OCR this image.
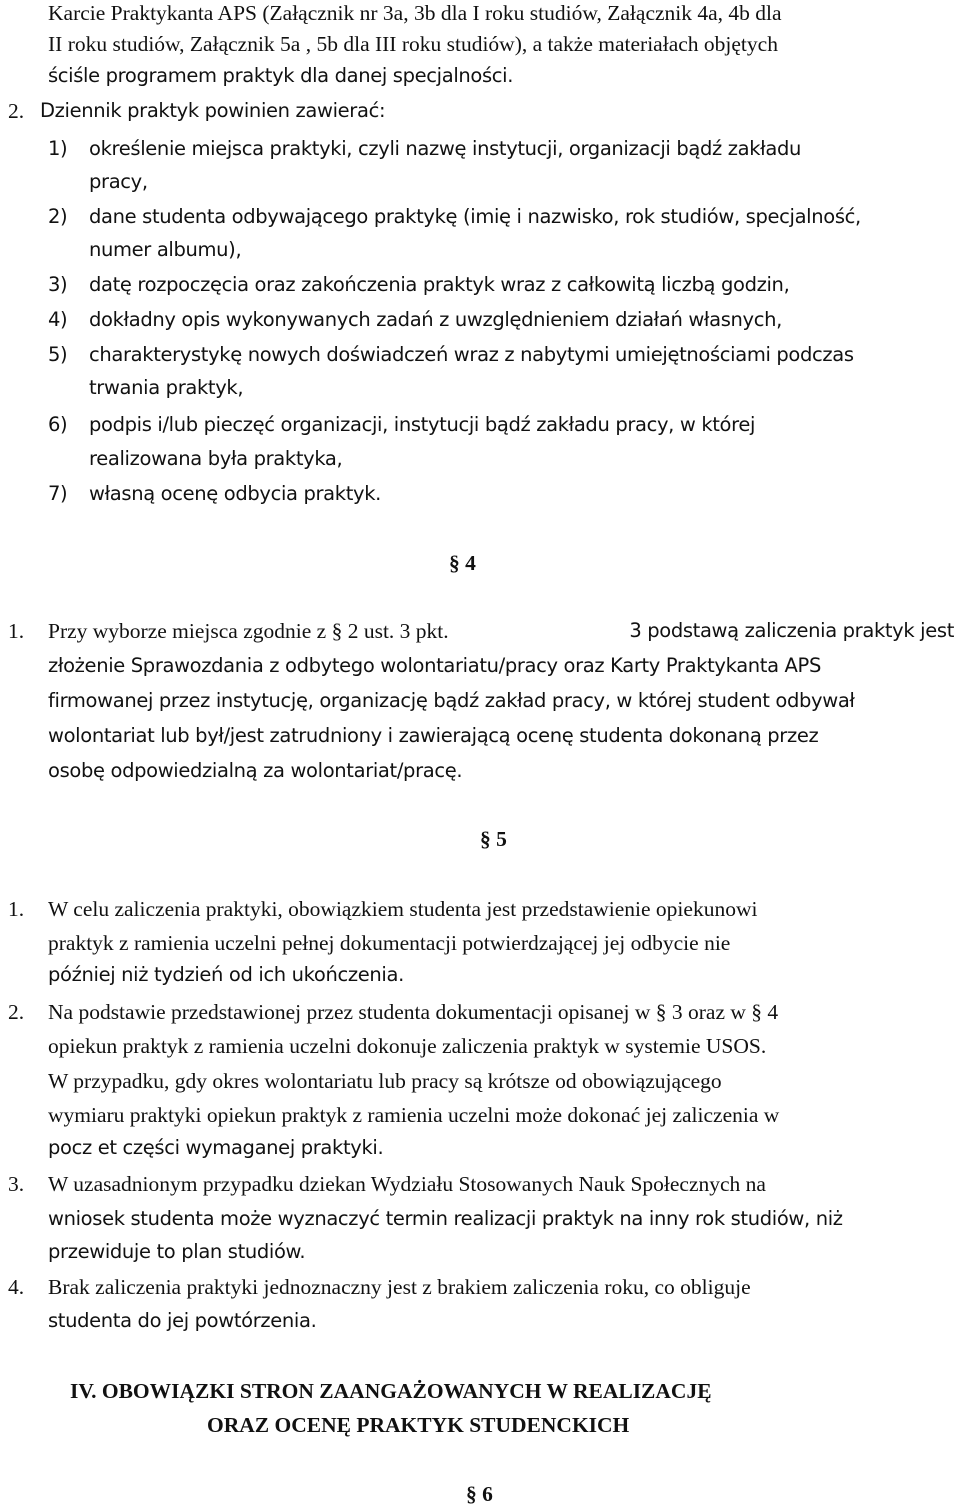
Karcie Praktykanta APS (Załącznik nr 3a, 3b dla I roku studiów, Załącznik 4a, 4b dla
II roku studiów, Załącznik 5a , 5b dla III roku studiów), a także materiałach objętych
ściśle programem praktyk dla danej specjalności.
2. Dziennik praktyk powinien zawierać:
1) określenie miejsca praktyki, czyli nazwę instytucji, organizacji bądź zakładu
pracy,
2) dane studenta odbywającego praktykę (imię i nazwisko, rok studiów, specjalność,
numer albumu),
3) datę rozpoczęcia oraz zakończenia praktyk wraz z całkowitą liczbą godzin,
4) dokładny opis wykonywanych zadań z uwzględnieniem działań własnych,
5) charakterystykę nowych doświadczeń wraz z nabytymi umiejętnościami podczas
trwania praktyk,
6) podpis i/lub pieczęć organizacji, instytucji bądź zakładu pracy, w której
realizowana była praktyka,
7) własną ocenę odbycia praktyk.
§ 4
1. Przy wyborze miejsca zgodnie z § 2 ust. 3 pkt.	3 podstawą zaliczenia praktyk jest
złożenie Sprawozdania z odbytego wolontariatu/pracy oraz Karty Praktykanta APS
firmowanej przez instytucję, organizację bądź zakład pracy, w której student odbywał
wolontariat lub był/jest zatrudniony i zawierającą ocenę studenta dokonaną przez
osobę odpowiedzialną za wolontariat/pracę.
§ 5
1. W celu zaliczenia praktyki, obowiązkiem studenta jest przedstawienie opiekunowi
praktyk z ramienia uczelni pełnej dokumentacji potwierdzającej jej odbycie nie
później niż tydzień od ich ukończenia.
2. Na podstawie przedstawionej przez studenta dokumentacji opisanej w § 3 oraz w § 4
opiekun praktyk z ramienia uczelni dokonuje zaliczenia praktyk w systemie USOS.
W przypadku, gdy okres wolontariatu lub pracy są krótsze od obowiązującego
wymiaru praktyki opiekun praktyk z ramienia uczelni może dokonać jej zaliczenia w
pocz et części wymaganej praktyki.
3. W uzasadnionym przypadku dziekan Wydziału Stosowanych Nauk Społecznych na
wniosek studenta może wyznaczyć termin realizacji praktyk na inny rok studiów, niż
przewiduje to plan studiów.
4. Brak zaliczenia praktyki jednoznaczny jest z brakiem zaliczenia roku, co obliguje
studenta do jej powtórzenia.
IV. OBOWIĄZKI STRON ZAANGAŻOWANYCH W REALIZACJĘ
ORAZ OCENĘ PRAKTYK STUDENCKICH
§ 6
